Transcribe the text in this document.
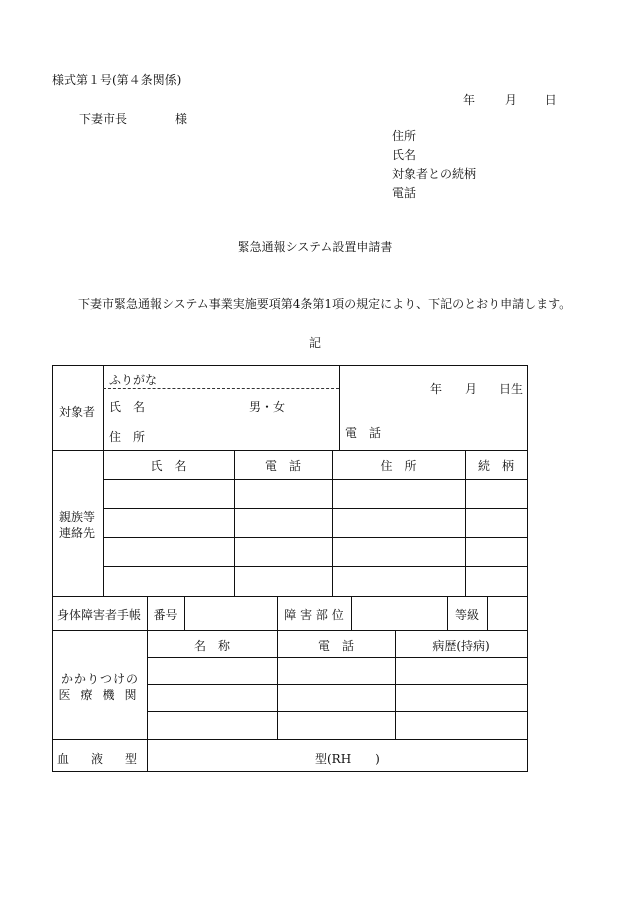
様式第１号(第４条関係)
年 月 日
下妻市長	様
住所
氏名
対象者との続柄
電話
緊急通報システム設置申請書
下妻市緊急通報システム事業実施要項第4条第1項の規定により、下記のとおり申請します。
記
対象者
ふりがな
氏　名	男・女
住　所
年 月 日生
電　話
親族等
連絡先
氏　名	電　話	住　所	続　柄
身体障害者手帳	番号	障 害 部 位	等級
かかりつけの
医療機関
名　称	電　話	病歴(持病)
血液型	型(RH　　)
